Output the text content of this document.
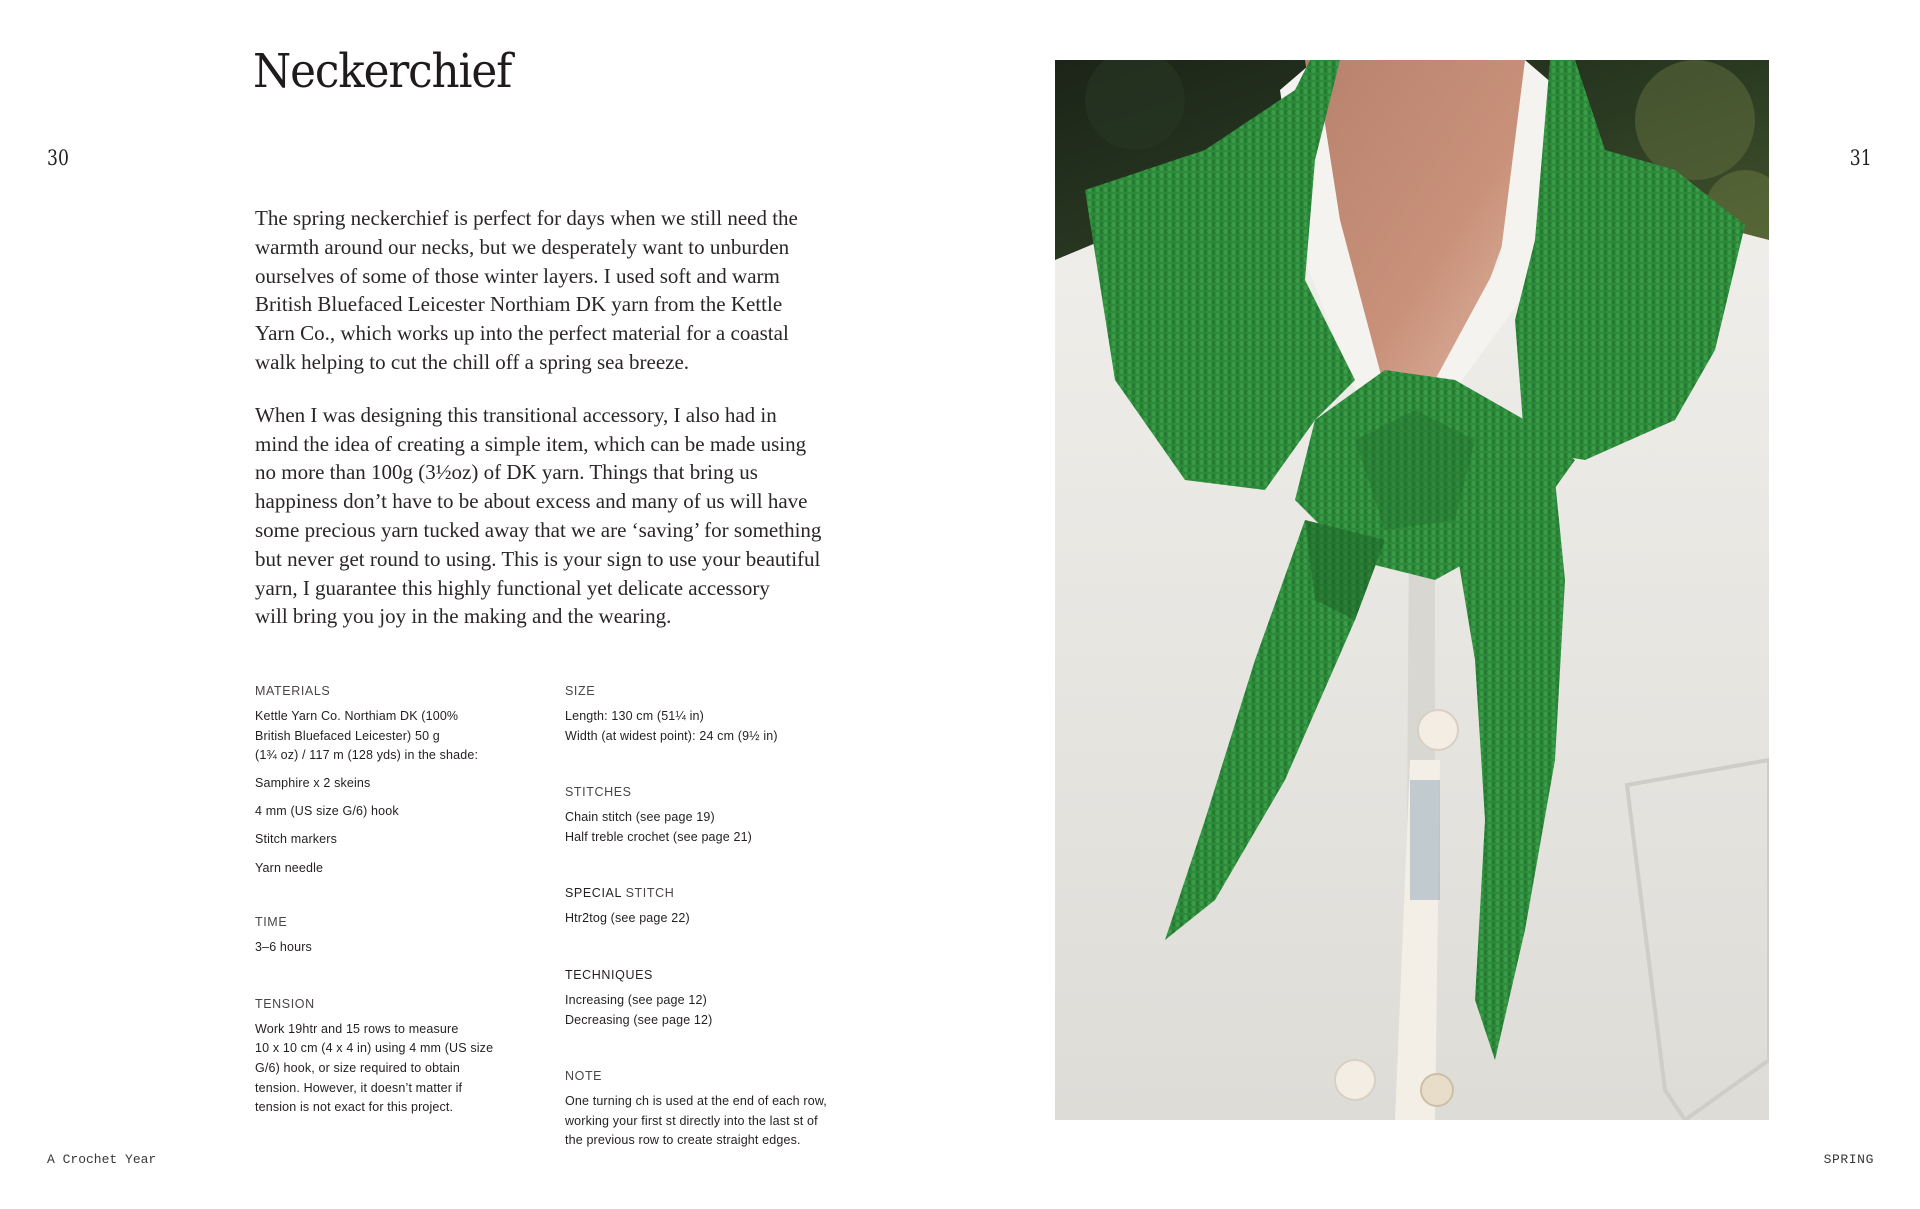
Neckerchief
30	31

The spring neckerchief is perfect for days when we still need the
warmth around our necks, but we desperately want to unburden
ourselves of some of those winter layers. I used soft and warm
British Bluefaced Leicester Northiam DK yarn from the Kettle
Yarn Co., which works up into the perfect material for a coastal
walk helping to cut the chill off a spring sea breeze.

When I was designing this transitional accessory, I also had in
mind the idea of creating a simple item, which can be made using
no more than 100g (3½oz) of DK yarn. Things that bring us
happiness don’t have to be about excess and many of us will have
some precious yarn tucked away that we are ‘saving’ for something
but never get round to using. This is your sign to use your beautiful
yarn, I guarantee this highly functional yet delicate accessory
will bring you joy in the making and the wearing.

MATERIALS
Kettle Yarn Co. Northiam DK (100%
British Bluefaced Leicester) 50 g
(1¾ oz) / 117 m (128 yds) in the shade:
Samphire x 2 skeins
4 mm (US size G/6) hook
Stitch markers
Yarn needle
TIME
3–6 hours
TENSION
Work 19htr and 15 rows to measure
10 x 10 cm (4 x 4 in) using 4 mm (US size
G/6) hook, or size required to obtain
tension. However, it doesn’t matter if
tension is not exact for this project.
SIZE
Length: 130 cm (51¼ in)
Width (at widest point): 24 cm (9½ in)
STITCHES
Chain stitch (see page 19)
Half treble crochet (see page 21)
SPECIAL STITCH
Htr2tog (see page 22)
TECHNIQUES
Increasing (see page 12)
Decreasing (see page 12)
NOTE
One turning ch is used at the end of each row,
working your first st directly into the last st of
the previous row to create straight edges.
A Crochet Year	SPRING
